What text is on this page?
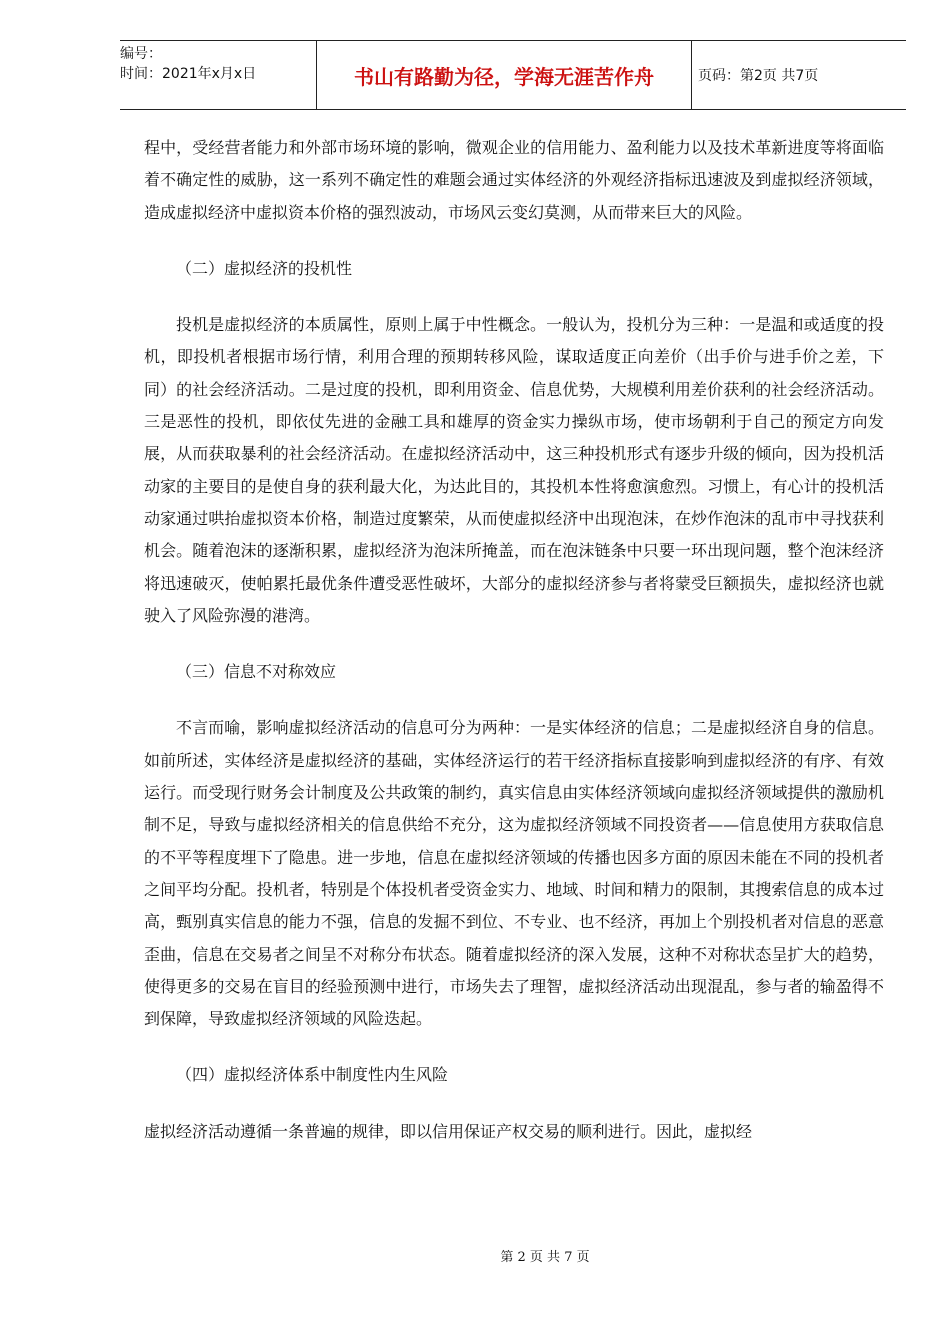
编号：
时间：2021年x月x日	书山有路勤为径，学海无涯苦作舟	页码：第2页 共7页

程中，受经营者能力和外部市场环境的影响，微观企业的信用能力、盈利能力以及技术革新进度等将面临着不确定性的威胁，这一系列不确定性的难题会通过实体经济的外观经济指标迅速波及到虚拟经济领域，造成虚拟经济中虚拟资本价格的强烈波动，市场风云变幻莫测，从而带来巨大的风险。

（二）虚拟经济的投机性

投机是虚拟经济的本质属性，原则上属于中性概念。一般认为，投机分为三种：一是温和或适度的投机，即投机者根据市场行情，利用合理的预期转移风险，谋取适度正向差价（出手价与进手价之差，下同）的社会经济活动。二是过度的投机，即利用资金、信息优势，大规模利用差价获利的社会经济活动。三是恶性的投机，即依仗先进的金融工具和雄厚的资金实力操纵市场，使市场朝利于自己的预定方向发展，从而获取暴利的社会经济活动。在虚拟经济活动中，这三种投机形式有逐步升级的倾向，因为投机活动家的主要目的是使自身的获利最大化，为达此目的，其投机本性将愈演愈烈。习惯上，有心计的投机活动家通过哄抬虚拟资本价格，制造过度繁荣，从而使虚拟经济中出现泡沫，在炒作泡沫的乱市中寻找获利机会。随着泡沫的逐渐积累，虚拟经济为泡沫所掩盖，而在泡沫链条中只要一环出现问题，整个泡沫经济将迅速破灭，使帕累托最优条件遭受恶性破坏，大部分的虚拟经济参与者将蒙受巨额损失，虚拟经济也就驶入了风险弥漫的港湾。

（三）信息不对称效应

不言而喻，影响虚拟经济活动的信息可分为两种：一是实体经济的信息；二是虚拟经济自身的信息。如前所述，实体经济是虚拟经济的基础，实体经济运行的若干经济指标直接影响到虚拟经济的有序、有效运行。而受现行财务会计制度及公共政策的制约，真实信息由实体经济领域向虚拟经济领域提供的激励机制不足，导致与虚拟经济相关的信息供给不充分，这为虚拟经济领域不同投资者——信息使用方获取信息的不平等程度埋下了隐患。进一步地，信息在虚拟经济领域的传播也因多方面的原因未能在不同的投机者之间平均分配。投机者，特别是个体投机者受资金实力、地域、时间和精力的限制，其搜索信息的成本过高，甄别真实信息的能力不强，信息的发掘不到位、不专业、也不经济，再加上个别投机者对信息的恶意歪曲，信息在交易者之间呈不对称分布状态。随着虚拟经济的深入发展，这种不对称状态呈扩大的趋势，使得更多的交易在盲目的经验预测中进行，市场失去了理智，虚拟经济活动出现混乱，参与者的输盈得不到保障，导致虚拟经济领域的风险迭起。

（四）虚拟经济体系中制度性内生风险

虚拟经济活动遵循一条普遍的规律，即以信用保证产权交易的顺利进行。因此，虚拟经

第 2 页 共 7 页
